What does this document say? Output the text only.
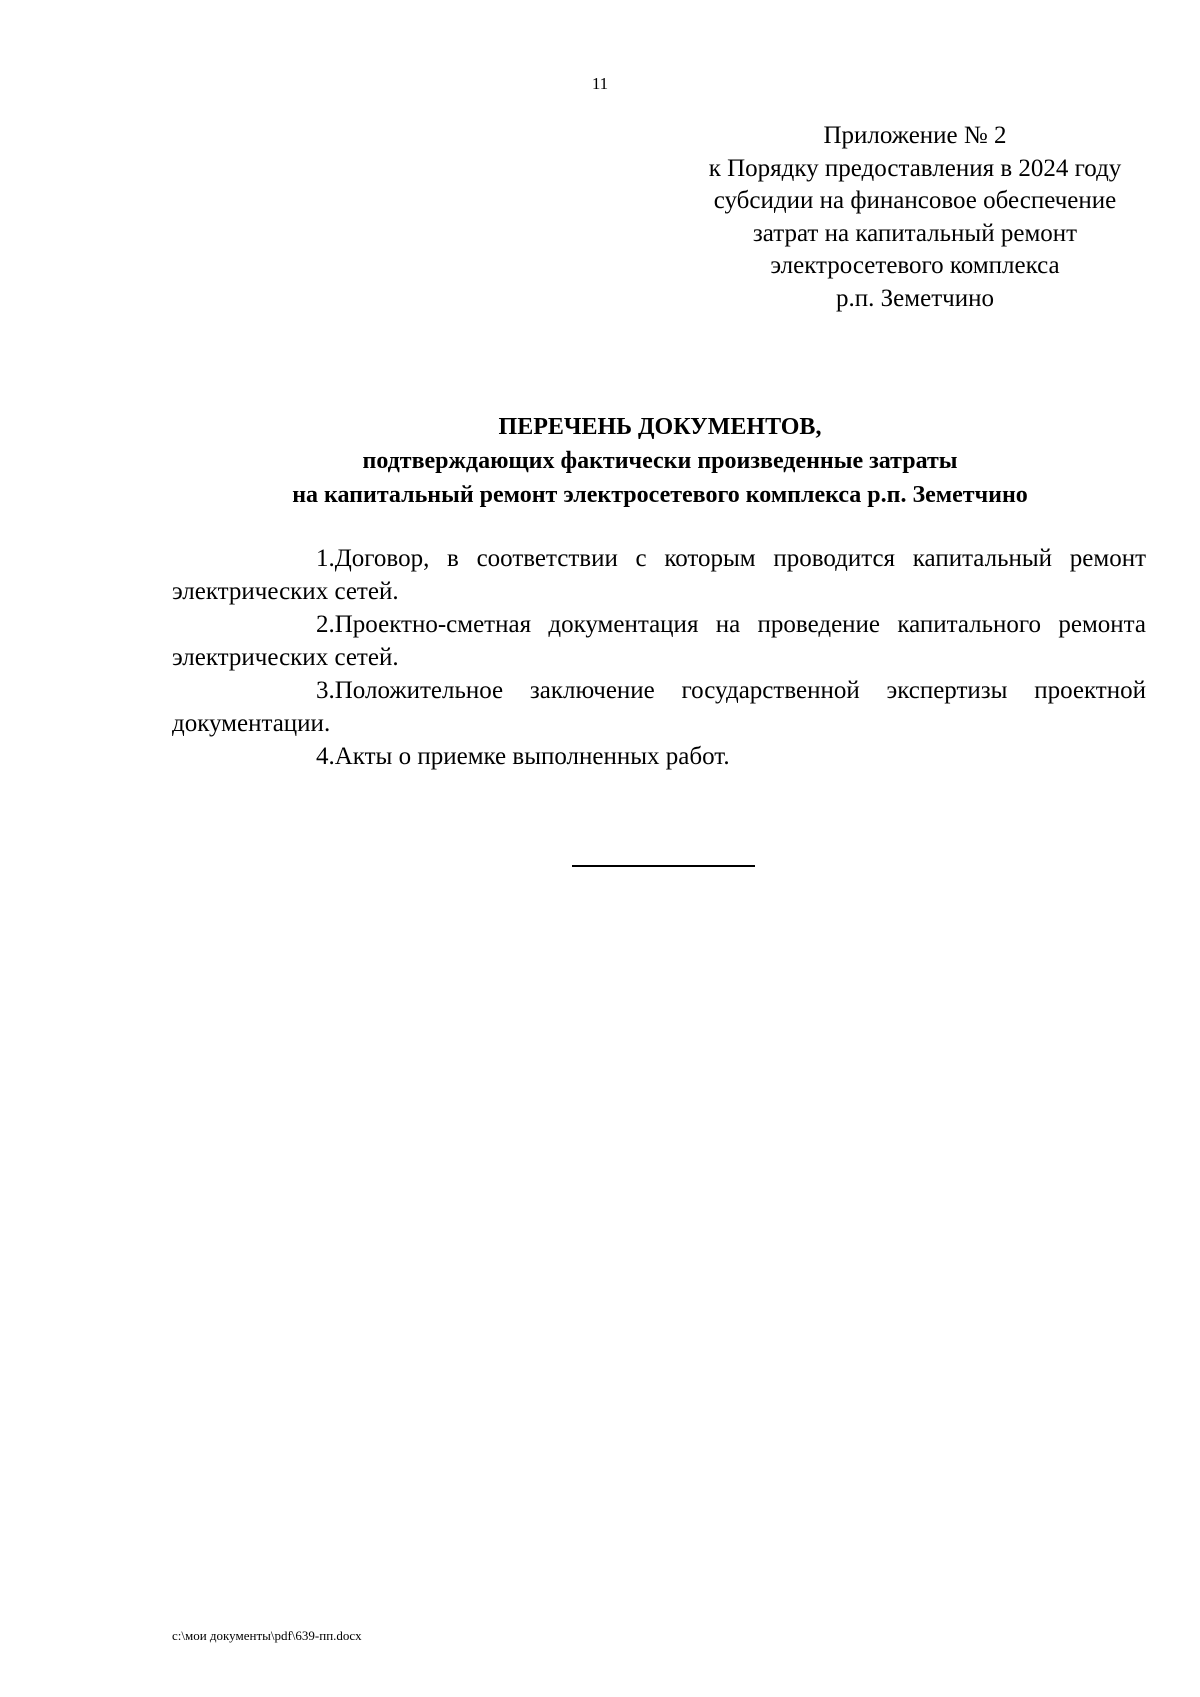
11
Приложение № 2
к Порядку предоставления в 2024 году
субсидии на финансовое обеспечение
затрат на капитальный ремонт
электросетевого комплекса
р.п. Земетчино
ПЕРЕЧЕНЬ ДОКУМЕНТОВ,
подтверждающих фактически произведенные затраты
на капитальный ремонт электросетевого комплекса р.п. Земетчино
1.Договор, в соответствии с которым проводится капитальный ремонт электрических сетей.
2.Проектно-сметная документация на проведение капитального ремонта электрических сетей.
3.Положительное заключение государственной экспертизы проектной документации.
4.Акты о приемке выполненных работ.
c:\мои документы\pdf\639-пп.docx
